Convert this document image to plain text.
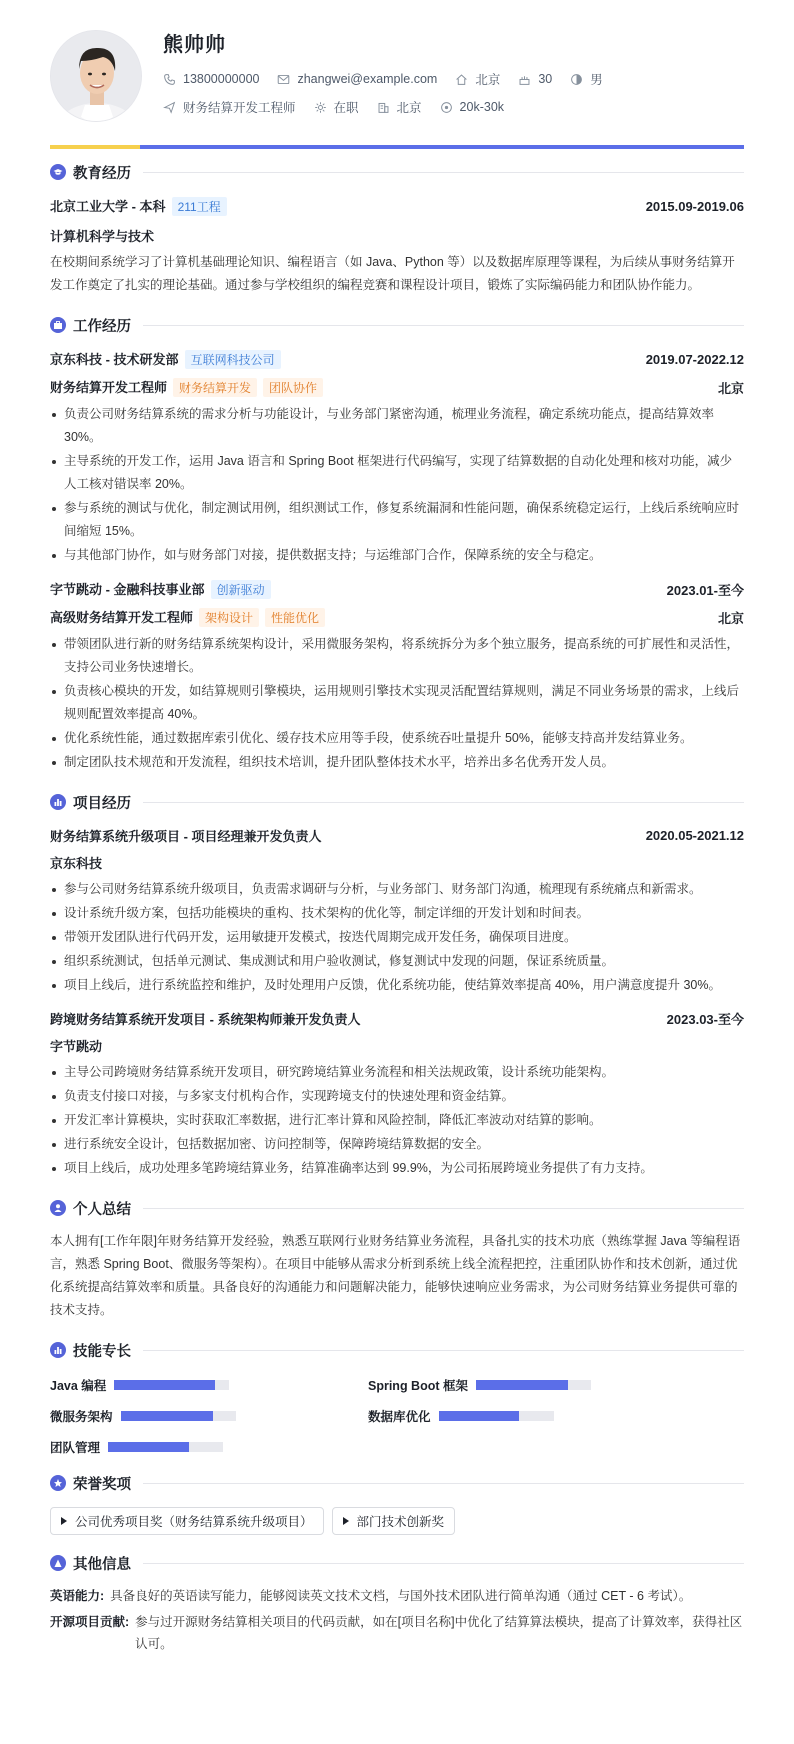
熊帅帅
13800000000	zhangwei@example.com	北京	30	男
财务结算开发工程师	在职	北京	20k-30k
教育经历
北京工业大学 - 本科 211工程	2015.09-2019.06
计算机科学与技术
在校期间系统学习了计算机基础理论知识、编程语言（如 Java、Python 等）以及数据库原理等课程，为后续从事财务结算开发工作奠定了扎实的理论基础。通过参与学校组织的编程竞赛和课程设计项目，锻炼了实际编码能力和团队协作能力。
工作经历
京东科技 - 技术研发部 互联网科技公司	2019.07-2022.12
财务结算开发工程师 财务结算开发 团队协作	北京
负责公司财务结算系统的需求分析与功能设计，与业务部门紧密沟通，梳理业务流程，确定系统功能点，提高结算效率 30%。
主导系统的开发工作，运用 Java 语言和 Spring Boot 框架进行代码编写，实现了结算数据的自动化处理和核对功能，减少人工核对错误率 20%。
参与系统的测试与优化，制定测试用例，组织测试工作，修复系统漏洞和性能问题，确保系统稳定运行，上线后系统响应时间缩短 15%。
与其他部门协作，如与财务部门对接，提供数据支持；与运维部门合作，保障系统的安全与稳定。
字节跳动 - 金融科技事业部 创新驱动	2023.01-至今
高级财务结算开发工程师 架构设计 性能优化	北京
带领团队进行新的财务结算系统架构设计，采用微服务架构，将系统拆分为多个独立服务，提高系统的可扩展性和灵活性，支持公司业务快速增长。
负责核心模块的开发，如结算规则引擎模块，运用规则引擎技术实现灵活配置结算规则，满足不同业务场景的需求，上线后规则配置效率提高 40%。
优化系统性能，通过数据库索引优化、缓存技术应用等手段，使系统吞吐量提升 50%，能够支持高并发结算业务。
制定团队技术规范和开发流程，组织技术培训，提升团队整体技术水平，培养出多名优秀开发人员。
项目经历
财务结算系统升级项目 - 项目经理兼开发负责人	2020.05-2021.12
京东科技
参与公司财务结算系统升级项目，负责需求调研与分析，与业务部门、财务部门沟通，梳理现有系统痛点和新需求。
设计系统升级方案，包括功能模块的重构、技术架构的优化等，制定详细的开发计划和时间表。
带领开发团队进行代码开发，运用敏捷开发模式，按迭代周期完成开发任务，确保项目进度。
组织系统测试，包括单元测试、集成测试和用户验收测试，修复测试中发现的问题，保证系统质量。
项目上线后，进行系统监控和维护，及时处理用户反馈，优化系统功能，使结算效率提高 40%，用户满意度提升 30%。
跨境财务结算系统开发项目 - 系统架构师兼开发负责人	2023.03-至今
字节跳动
主导公司跨境财务结算系统开发项目，研究跨境结算业务流程和相关法规政策，设计系统功能架构。
负责支付接口对接，与多家支付机构合作，实现跨境支付的快速处理和资金结算。
开发汇率计算模块，实时获取汇率数据，进行汇率计算和风险控制，降低汇率波动对结算的影响。
进行系统安全设计，包括数据加密、访问控制等，保障跨境结算数据的安全。
项目上线后，成功处理多笔跨境结算业务，结算准确率达到 99.9%，为公司拓展跨境业务提供了有力支持。
个人总结
本人拥有[工作年限]年财务结算开发经验，熟悉互联网行业财务结算业务流程，具备扎实的技术功底（熟练掌握 Java 等编程语言，熟悉 Spring Boot、微服务等架构）。在项目中能够从需求分析到系统上线全流程把控，注重团队协作和技术创新，通过优化系统提高结算效率和质量。具备良好的沟通能力和问题解决能力，能够快速响应业务需求，为公司财务结算业务提供可靠的技术支持。
技能专长
Java 编程	Spring Boot 框架
微服务架构	数据库优化
团队管理
荣誉奖项
公司优秀项目奖（财务结算系统升级项目）	部门技术创新奖
其他信息
英语能力: 具备良好的英语读写能力，能够阅读英文技术文档，与国外技术团队进行简单沟通（通过 CET - 6 考试）。
开源项目贡献: 参与过开源财务结算相关项目的代码贡献，如在[项目名称]中优化了结算算法模块，提高了计算效率，获得社区认可。
